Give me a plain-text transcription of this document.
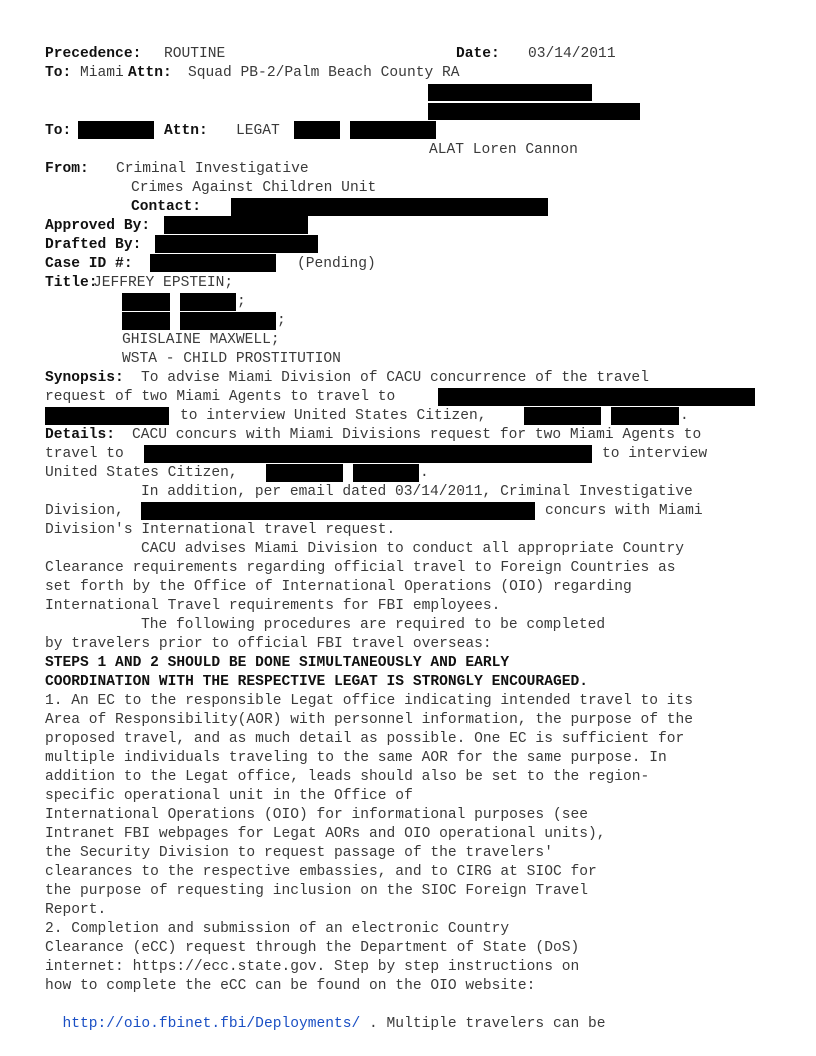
Precedence: ROUTINE	Date: 03/14/2011
To: Miami Attn: Squad PB-2/Palm Beach County RA
To:	Attn: LEGAT
ALAT Loren Cannon
From: Criminal Investigative
Crimes Against Children Unit
Contact:
Approved By:
Drafted By:
Case ID #:	(Pending)
Title:
JEFFREY EPSTEIN;
;
;
GHISLAINE MAXWELL;
WSTA - CHILD PROSTITUTION
Synopsis: To advise Miami Division of CACU concurrence of the travel
request of two Miami Agents to travel to
to interview United States Citizen,	.
Details: CACU concurs with Miami Divisions request for two Miami Agents to
travel to	to interview
United States Citizen,	.
In addition, per email dated 03/14/2011, Criminal Investigative
Division,	concurs with Miami
Division's International travel request.
CACU advises Miami Division to conduct all appropriate Country
Clearance requirements regarding official travel to Foreign Countries as
set forth by the Office of International Operations (OIO) regarding
International Travel requirements for FBI employees.
The following procedures are required to be completed
by travelers prior to official FBI travel overseas:
STEPS 1 AND 2 SHOULD BE DONE SIMULTANEOUSLY AND EARLY
COORDINATION WITH THE RESPECTIVE LEGAT IS STRONGLY ENCOURAGED.
1. An EC to the responsible Legat office indicating intended travel to its
Area of Responsibility(AOR) with personnel information, the purpose of the
proposed travel, and as much detail as possible. One EC is sufficient for
multiple individuals traveling to the same AOR for the same purpose. In
addition to the Legat office, leads should also be set to the region-
specific operational unit in the Office of
International Operations (OIO) for informational purposes (see
Intranet FBI webpages for Legat AORs and OIO operational units),
the Security Division to request passage of the travelers'
clearances to the respective embassies, and to CIRG at SIOC for
the purpose of requesting inclusion on the SIOC Foreign Travel
Report.
2. Completion and submission of an electronic Country
Clearance (eCC) request through the Department of State (DoS)
internet: https://ecc.state.gov. Step by step instructions on
how to complete the eCC can be found on the OIO website:

http://oio.fbinet.fbi/Deployments/ . Multiple travelers can be
